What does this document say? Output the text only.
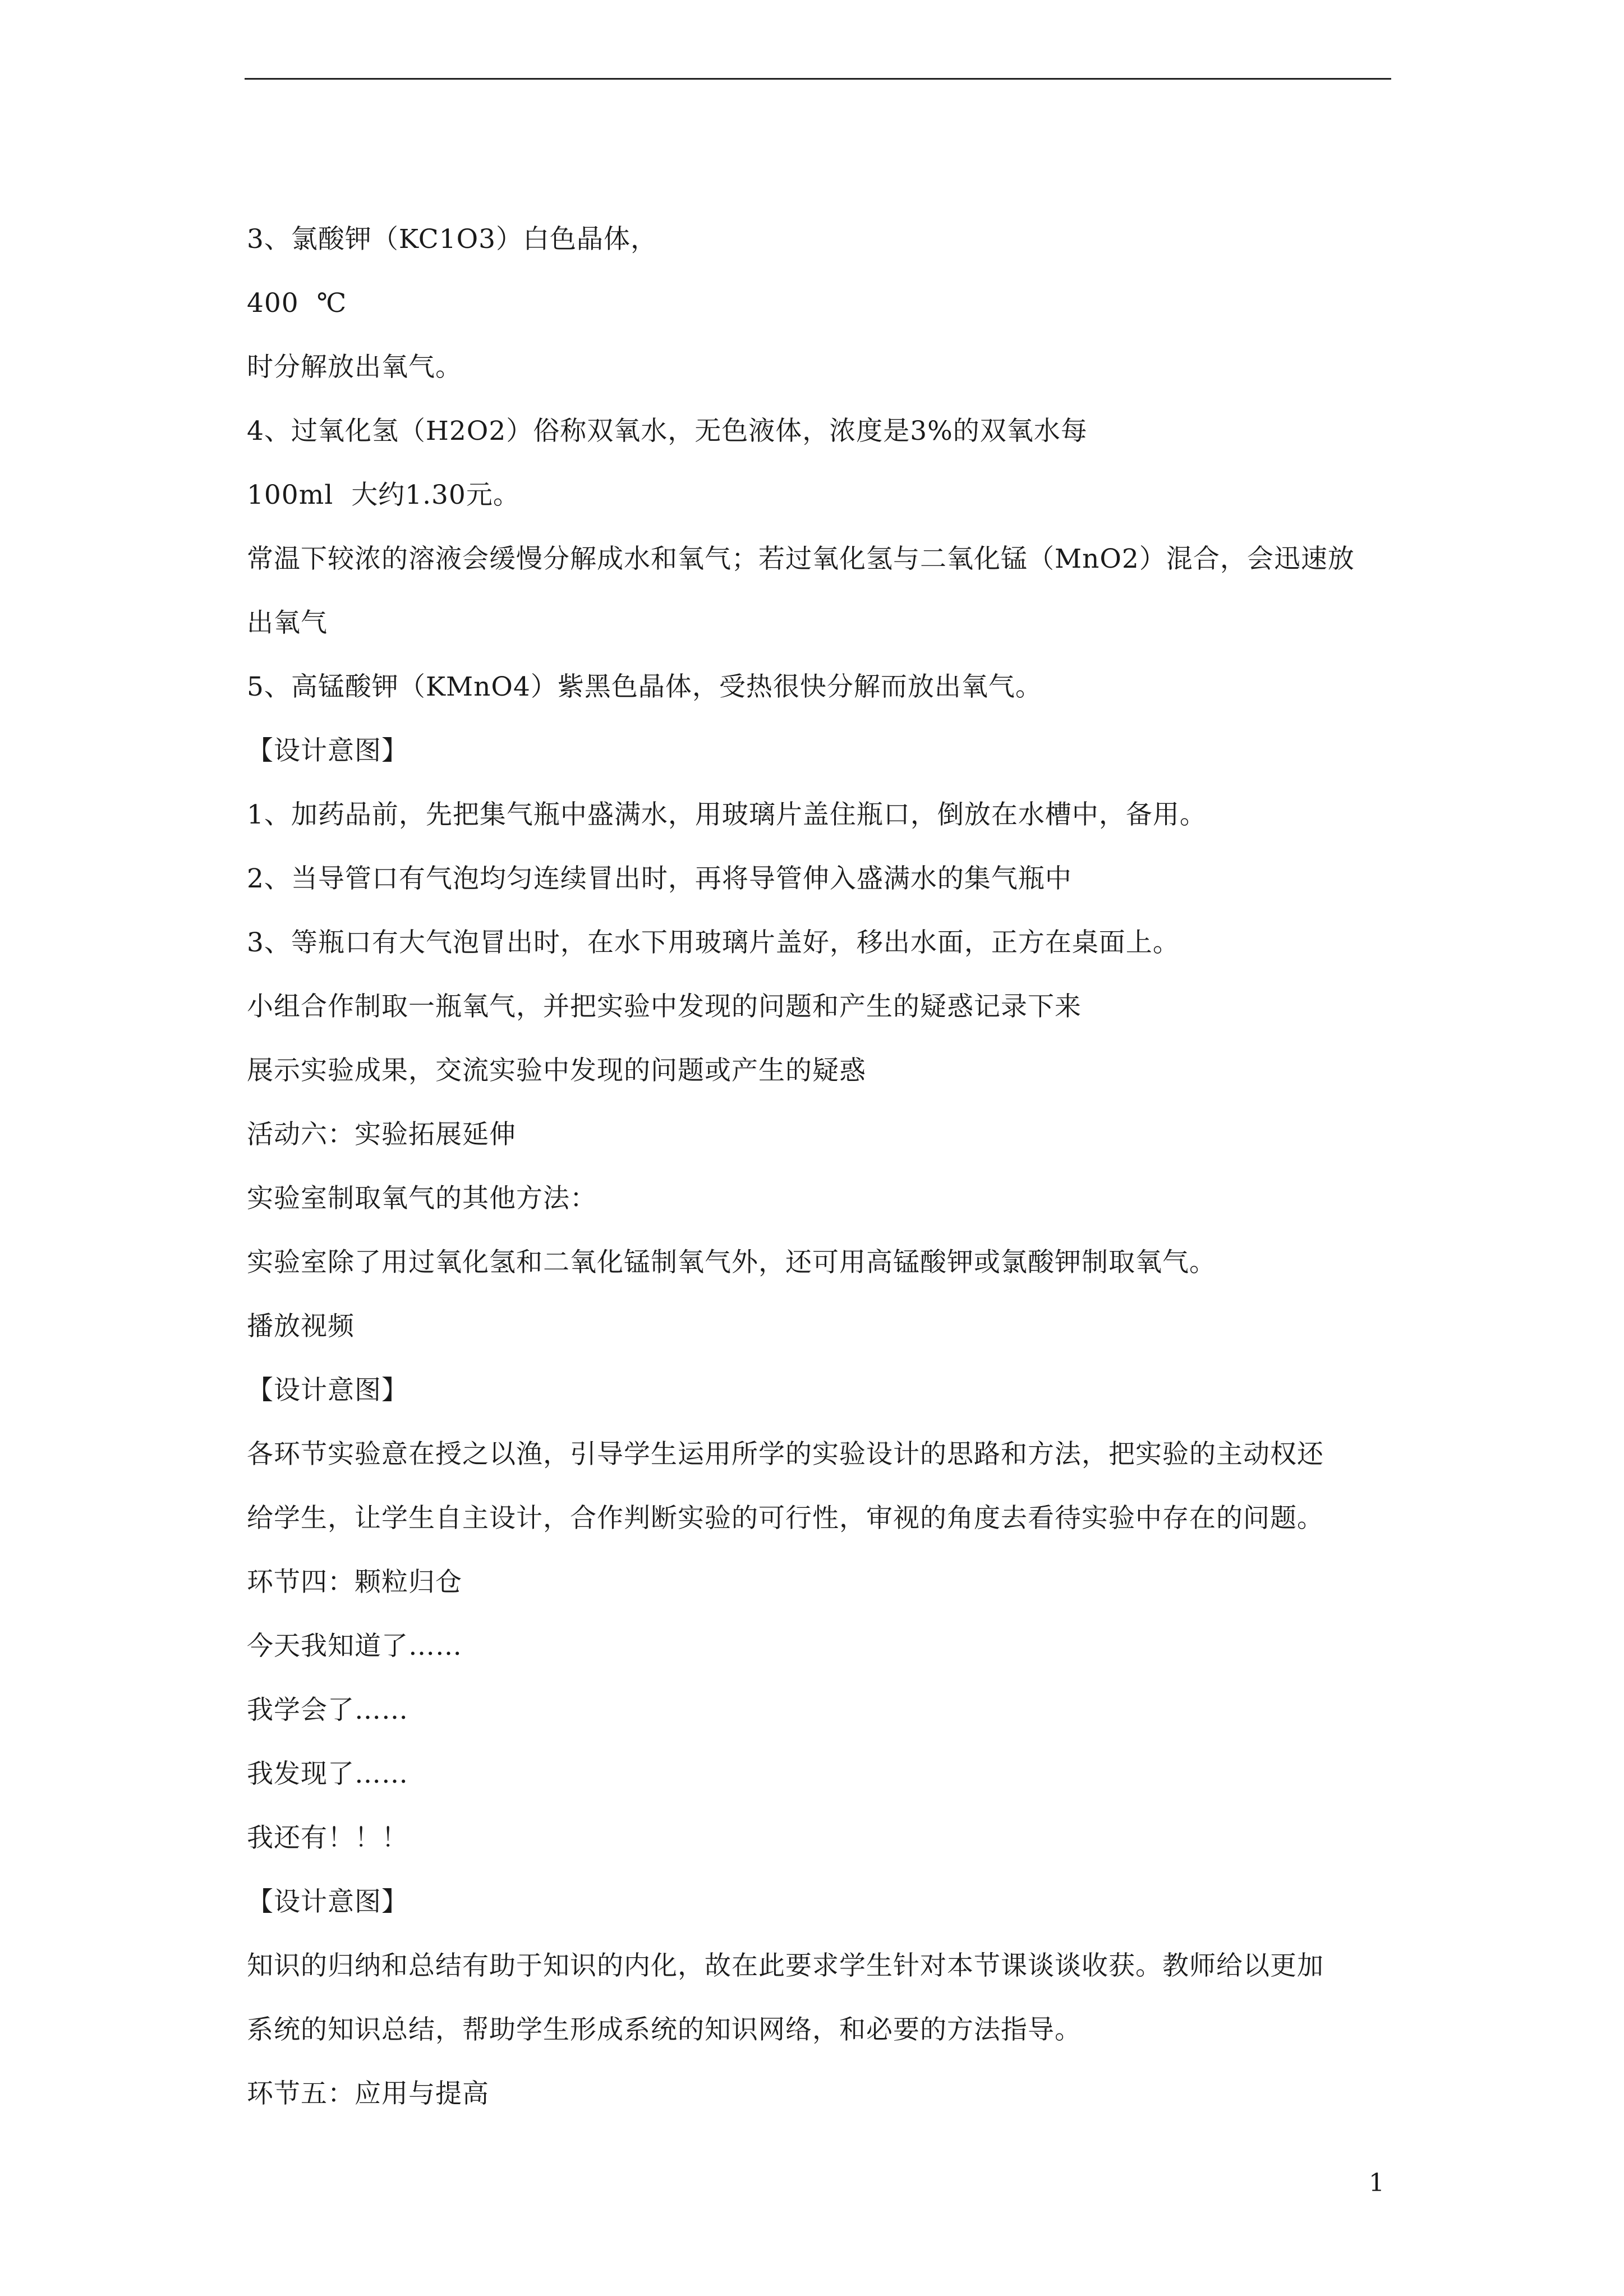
3、氯酸钾（KC1O3）白色晶体，
400  ℃
时分解放出氧气。
4、过氧化氢（H2O2）俗称双氧水，无色液体，浓度是3%的双氧水每
100ml  大约1.30元。
常温下较浓的溶液会缓慢分解成水和氧气；若过氧化氢与二氧化锰（MnO2）混合，会迅速放
出氧气
5、高锰酸钾（KMnO4）紫黑色晶体，受热很快分解而放出氧气。
【设计意图】
1、加药品前，先把集气瓶中盛满水，用玻璃片盖住瓶口，倒放在水槽中，备用。
2、当导管口有气泡均匀连续冒出时，再将导管伸入盛满水的集气瓶中
3、等瓶口有大气泡冒出时，在水下用玻璃片盖好，移出水面，正方在桌面上。
小组合作制取一瓶氧气，并把实验中发现的问题和产生的疑惑记录下来
展示实验成果，交流实验中发现的问题或产生的疑惑
活动六：实验拓展延伸
实验室制取氧气的其他方法：
实验室除了用过氧化氢和二氧化锰制氧气外，还可用高锰酸钾或氯酸钾制取氧气。
播放视频
【设计意图】
各环节实验意在授之以渔，引导学生运用所学的实验设计的思路和方法，把实验的主动权还
给学生，让学生自主设计，合作判断实验的可行性，审视的角度去看待实验中存在的问题。
环节四：颗粒归仓
今天我知道了……
我学会了……
我发现了……
我还有！！！
【设计意图】
知识的归纳和总结有助于知识的内化，故在此要求学生针对本节课谈谈收获。教师给以更加
系统的知识总结，帮助学生形成系统的知识网络，和必要的方法指导。
环节五：应用与提高
1
